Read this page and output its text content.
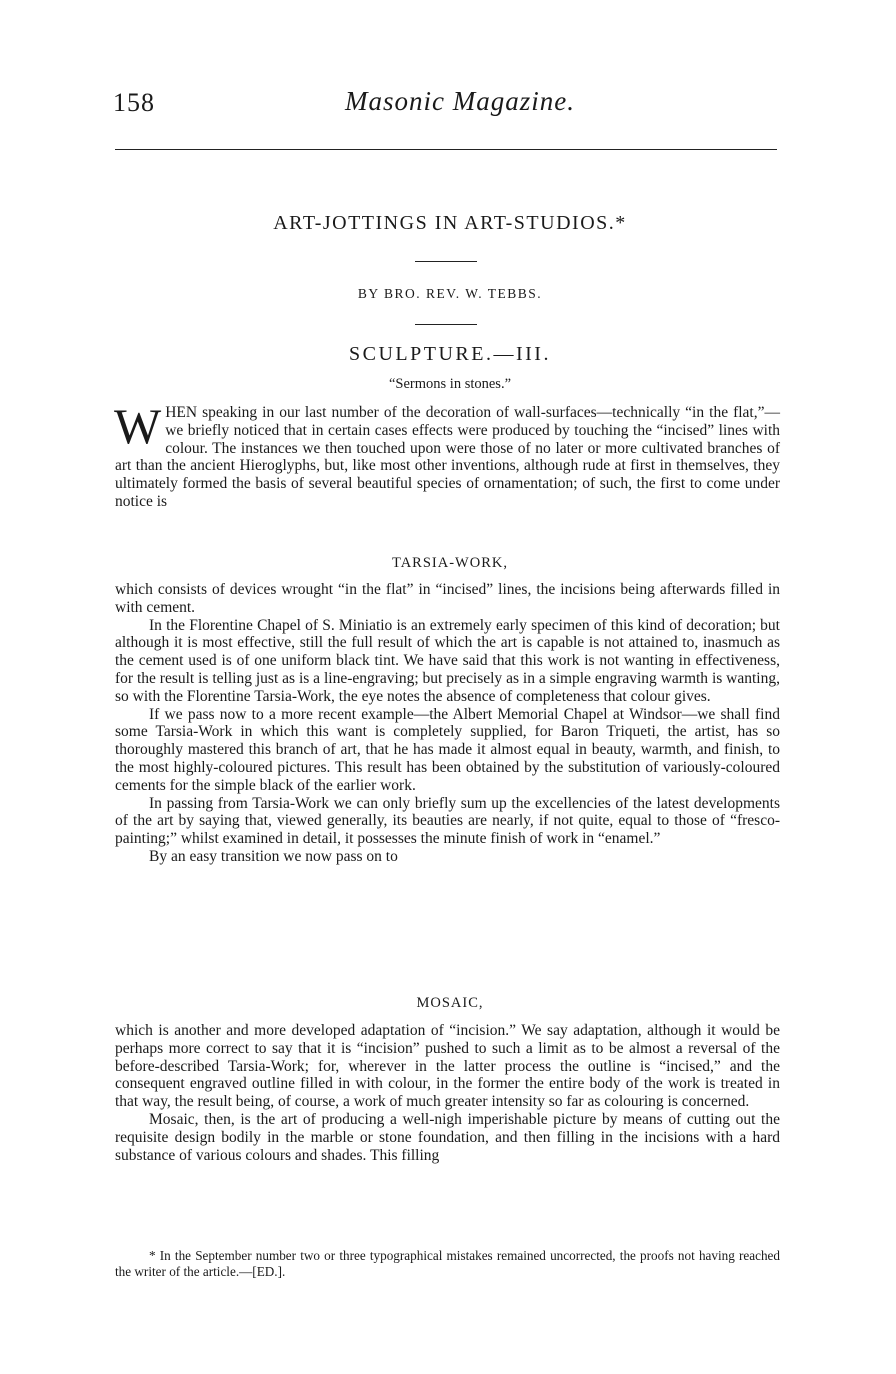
158	Masonic Magazine.
ART-JOTTINGS IN ART-STUDIOS.*
BY BRO. REV. W. TEBBS.
SCULPTURE.—III.
“Sermons in stones.”

WHEN speaking in our last number of the decoration of wall-surfaces—technically “in the flat,”—we briefly noticed that in certain cases effects were produced by touching the “incised” lines with colour. The instances we then touched upon were those of no later or more cultivated branches of art than the ancient Hieroglyphs, but, like most other inventions, although rude at first in themselves, they ultimately formed the basis of several beautiful species of ornamentation; of such, the first to come under notice is

TARSIA-WORK,

which consists of devices wrought “in the flat” in “incised” lines, the incisions being afterwards filled in with cement.

In the Florentine Chapel of S. Miniatio is an extremely early specimen of this kind of decoration; but although it is most effective, still the full result of which the art is capable is not attained to, inasmuch as the cement used is of one uniform black tint. We have said that this work is not wanting in effectiveness, for the result is telling just as is a line-engraving; but precisely as in a simple engraving warmth is wanting, so with the Florentine Tarsia-Work, the eye notes the absence of completeness that colour gives.

If we pass now to a more recent example—the Albert Memorial Chapel at Windsor—we shall find some Tarsia-Work in which this want is completely supplied, for Baron Triqueti, the artist, has so thoroughly mastered this branch of art, that he has made it almost equal in beauty, warmth, and finish, to the most highly-coloured pictures. This result has been obtained by the substitution of variously-coloured cements for the simple black of the earlier work.

In passing from Tarsia-Work we can only briefly sum up the excellencies of the latest developments of the art by saying that, viewed generally, its beauties are nearly, if not quite, equal to those of “fresco-painting;” whilst examined in detail, it possesses the minute finish of work in “enamel.”

By an easy transition we now pass on to

MOSAIC,

which is another and more developed adaptation of “incision.” We say adaptation, although it would be perhaps more correct to say that it is “incision” pushed to such a limit as to be almost a reversal of the before-described Tarsia-Work; for, wherever in the latter process the outline is “incised,” and the consequent engraved outline filled in with colour, in the former the entire body of the work is treated in that way, the result being, of course, a work of much greater intensity so far as colouring is concerned.

Mosaic, then, is the art of producing a well-nigh imperishable picture by means of cutting out the requisite design bodily in the marble or stone foundation, and then filling in the incisions with a hard substance of various colours and shades. This filling

* In the September number two or three typographical mistakes remained uncorrected, the proofs not having reached the writer of the article.—[ED.].
